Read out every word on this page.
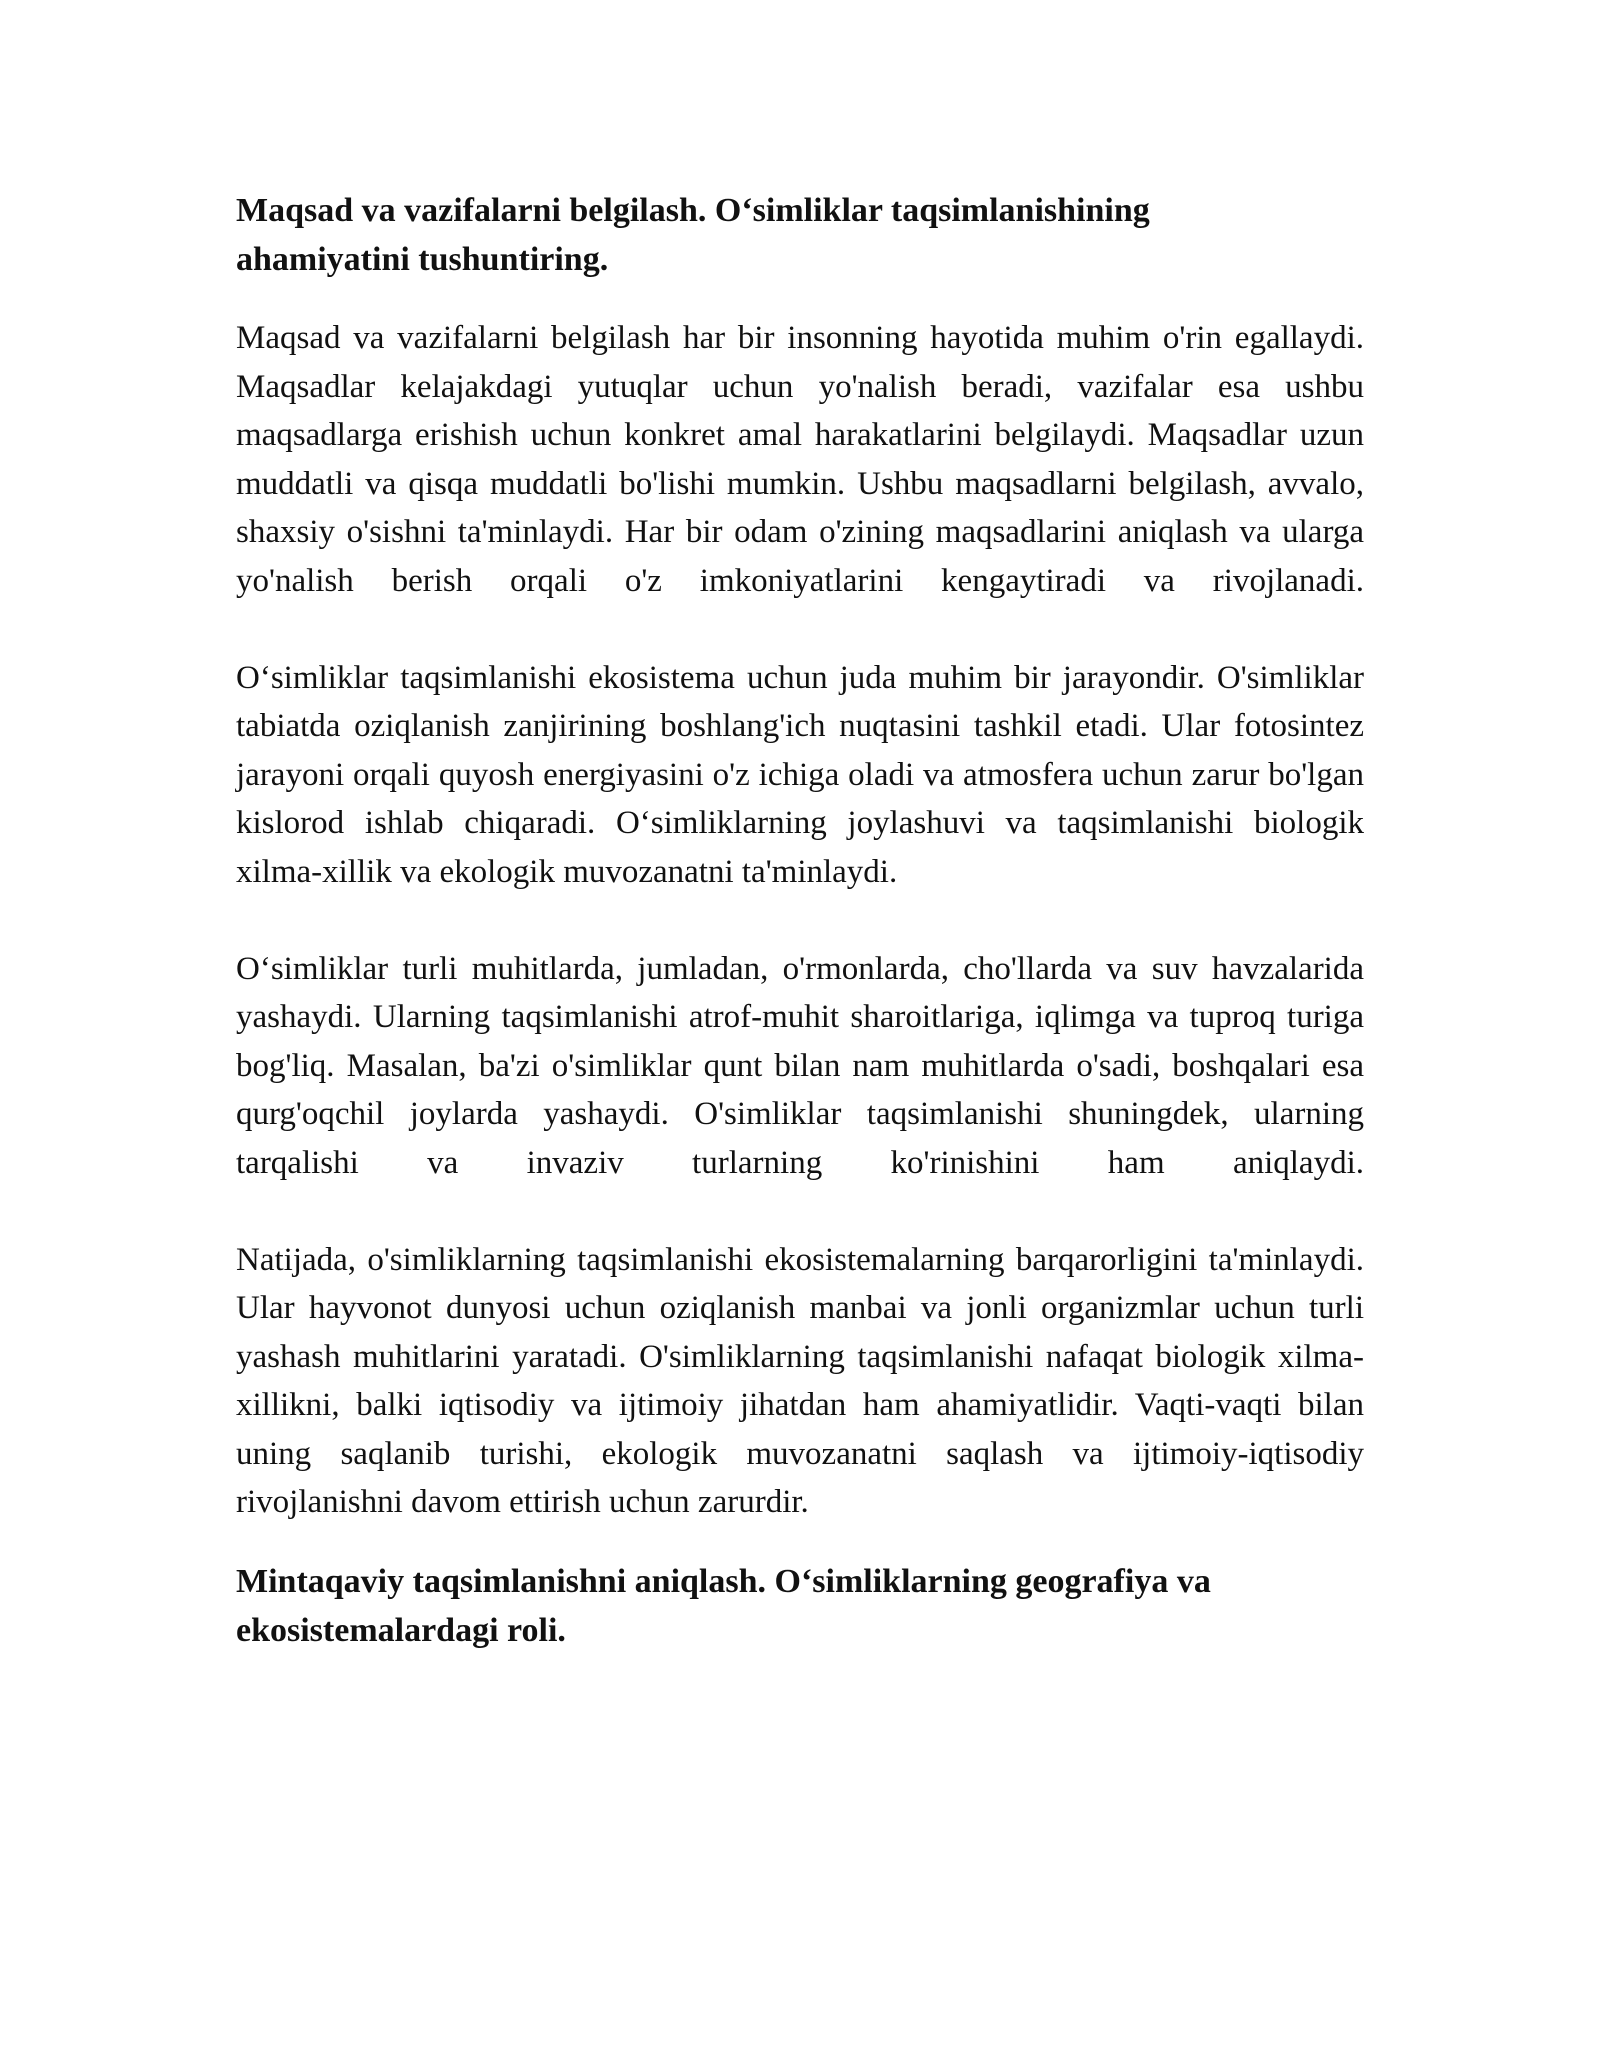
Maqsad va vazifalarni belgilash. O‘simliklar taqsimlanishining ahamiyatini tushuntiring.

Maqsad va vazifalarni belgilash har bir insonning hayotida muhim o'rin egallaydi. Maqsadlar kelajakdagi yutuqlar uchun yo'nalish beradi, vazifalar esa ushbu maqsadlarga erishish uchun konkret amal harakatlarini belgilaydi. Maqsadlar uzun muddatli va qisqa muddatli bo'lishi mumkin. Ushbu maqsadlarni belgilash, avvalo, shaxsiy o'sishni ta'minlaydi. Har bir odam o'zining maqsadlarini aniqlash va ularga yo'nalish berish orqali o'z imkoniyatlarini kengaytiradi va rivojlanadi.

O‘simliklar taqsimlanishi ekosistema uchun juda muhim bir jarayondir. O'simliklar tabiatda oziqlanish zanjirining boshlang'ich nuqtasini tashkil etadi. Ular fotosintez jarayoni orqali quyosh energiyasini o'z ichiga oladi va atmosfera uchun zarur bo'lgan kislorod ishlab chiqaradi. O‘simliklarning joylashuvi va taqsimlanishi biologik xilma-xillik va ekologik muvozanatni ta'minlaydi.

O‘simliklar turli muhitlarda, jumladan, o'rmonlarda, cho'llarda va suv havzalarida yashaydi. Ularning taqsimlanishi atrof-muhit sharoitlariga, iqlimga va tuproq turiga bog'liq. Masalan, ba'zi o'simliklar qunt bilan nam muhitlarda o'sadi, boshqalari esa qurg'oqchil joylarda yashaydi. O'simliklar taqsimlanishi shuningdek, ularning tarqalishi va invaziv turlarning ko'rinishini ham aniqlaydi.

Natijada, o'simliklarning taqsimlanishi ekosistemalarning barqarorligini ta'minlaydi. Ular hayvonot dunyosi uchun oziqlanish manbai va jonli organizmlar uchun turli yashash muhitlarini yaratadi. O'simliklarning taqsimlanishi nafaqat biologik xilma-xillikni, balki iqtisodiy va ijtimoiy jihatdan ham ahamiyatlidir. Vaqti-vaqti bilan uning saqlanib turishi, ekologik muvozanatni saqlash va ijtimoiy-iqtisodiy rivojlanishni davom ettirish uchun zarurdir.

Mintaqaviy taqsimlanishni aniqlash. O‘simliklarning geografiya va ekosistemalardagi roli.
